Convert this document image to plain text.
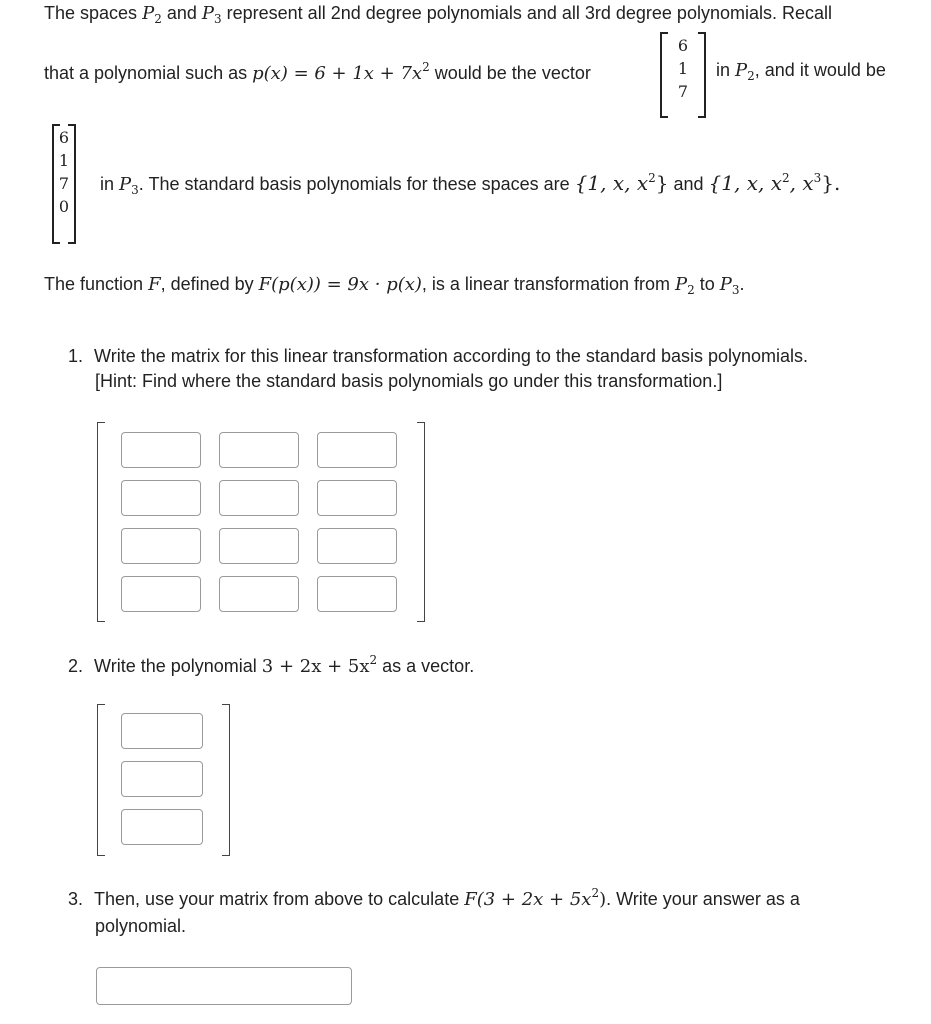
The spaces $P_2$ and $P_3$ represent all 2nd degree polynomials and all 3rd degree polynomials. Recall
that a polynomial such as $p(x) = 6 + 1x + 7x^2$ would be the vector
6
1
7
in $P_2$, and it would be
6
1
7
0
in $P_3$. The standard basis polynomials for these spaces are {1, x, $x^2$} and {1, x, $x^2$, $x^3$}.
The function F, defined by F(p(x)) = 9x · p(x), is a linear transformation from $P_2$ to $P_3$.
1. Write the matrix for this linear transformation according to the standard basis polynomials.
[Hint: Find where the standard basis polynomials go under this transformation.]
2. Write the polynomial $3 + 2x + 5x^2$ as a vector.
3. Then, use your matrix from above to calculate $F(3 + 2x + 5x^2)$. Write your answer as a
polynomial.
